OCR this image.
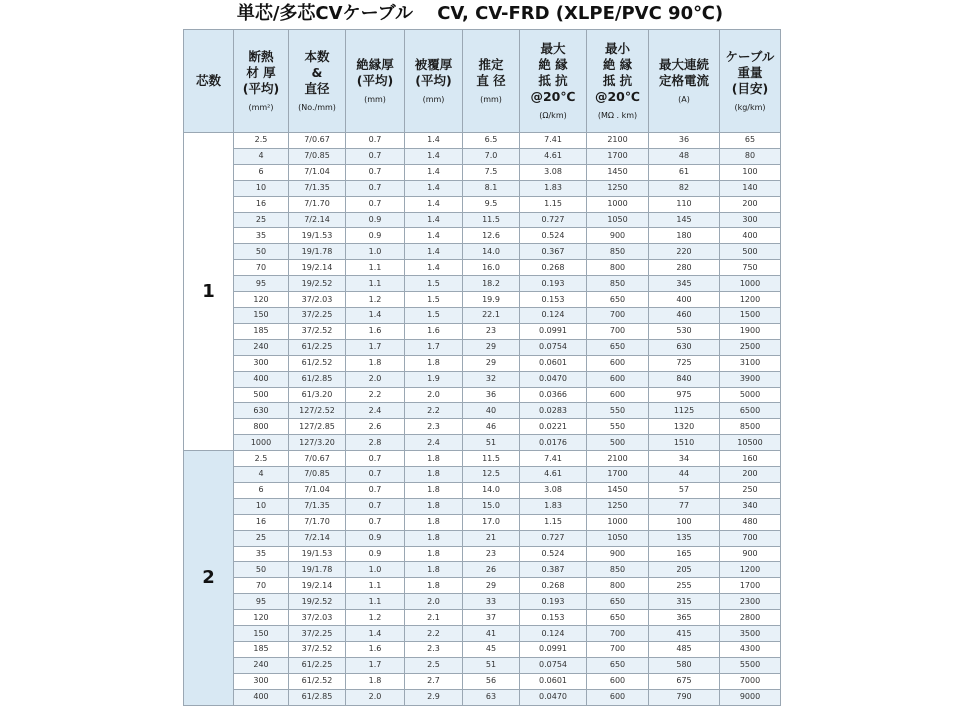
単芯/多芯CVケーブル　 CV, CV-FRD (XLPE/PVC 90℃)
芯数	断熱
材 厚
(平均)
(mm²)	本数
&
直径
(No./mm)	絶縁厚
(平均)
(mm)	被覆厚
(平均)
(mm)	推定
直 径
(mm)	最大
絶 縁
抵 抗
@20℃
(Ω/km)	最小
絶 縁
抵 抗
@20℃
(MΩ . km)	最大連続
定格電流
(A)	ケーブル
重量
(目安)
(kg/km)

1	2.5	7/0.67	0.7	1.4	6.5	7.41	2100	36	65
	4	7/0.85	0.7	1.4	7.0	4.61	1700	48	80
	6	7/1.04	0.7	1.4	7.5	3.08	1450	61	100
	10	7/1.35	0.7	1.4	8.1	1.83	1250	82	140
	16	7/1.70	0.7	1.4	9.5	1.15	1000	110	200
	25	7/2.14	0.9	1.4	11.5	0.727	1050	145	300
	35	19/1.53	0.9	1.4	12.6	0.524	900	180	400
	50	19/1.78	1.0	1.4	14.0	0.367	850	220	500
	70	19/2.14	1.1	1.4	16.0	0.268	800	280	750
	95	19/2.52	1.1	1.5	18.2	0.193	850	345	1000
	120	37/2.03	1.2	1.5	19.9	0.153	650	400	1200
	150	37/2.25	1.4	1.5	22.1	0.124	700	460	1500
	185	37/2.52	1.6	1.6	23	0.0991	700	530	1900
	240	61/2.25	1.7	1.7	29	0.0754	650	630	2500
	300	61/2.52	1.8	1.8	29	0.0601	600	725	3100
	400	61/2.85	2.0	1.9	32	0.0470	600	840	3900
	500	61/3.20	2.2	2.0	36	0.0366	600	975	5000
	630	127/2.52	2.4	2.2	40	0.0283	550	1125	6500
	800	127/2.85	2.6	2.3	46	0.0221	550	1320	8500
	1000	127/3.20	2.8	2.4	51	0.0176	500	1510	10500
2	2.5	7/0.67	0.7	1.8	11.5	7.41	2100	34	160
	4	7/0.85	0.7	1.8	12.5	4.61	1700	44	200
	6	7/1.04	0.7	1.8	14.0	3.08	1450	57	250
	10	7/1.35	0.7	1.8	15.0	1.83	1250	77	340
	16	7/1.70	0.7	1.8	17.0	1.15	1000	100	480
	25	7/2.14	0.9	1.8	21	0.727	1050	135	700
	35	19/1.53	0.9	1.8	23	0.524	900	165	900
	50	19/1.78	1.0	1.8	26	0.387	850	205	1200
	70	19/2.14	1.1	1.8	29	0.268	800	255	1700
	95	19/2.52	1.1	2.0	33	0.193	650	315	2300
	120	37/2.03	1.2	2.1	37	0.153	650	365	2800
	150	37/2.25	1.4	2.2	41	0.124	700	415	3500
	185	37/2.52	1.6	2.3	45	0.0991	700	485	4300
	240	61/2.25	1.7	2.5	51	0.0754	650	580	5500
	300	61/2.52	1.8	2.7	56	0.0601	600	675	7000
	400	61/2.85	2.0	2.9	63	0.0470	600	790	9000
